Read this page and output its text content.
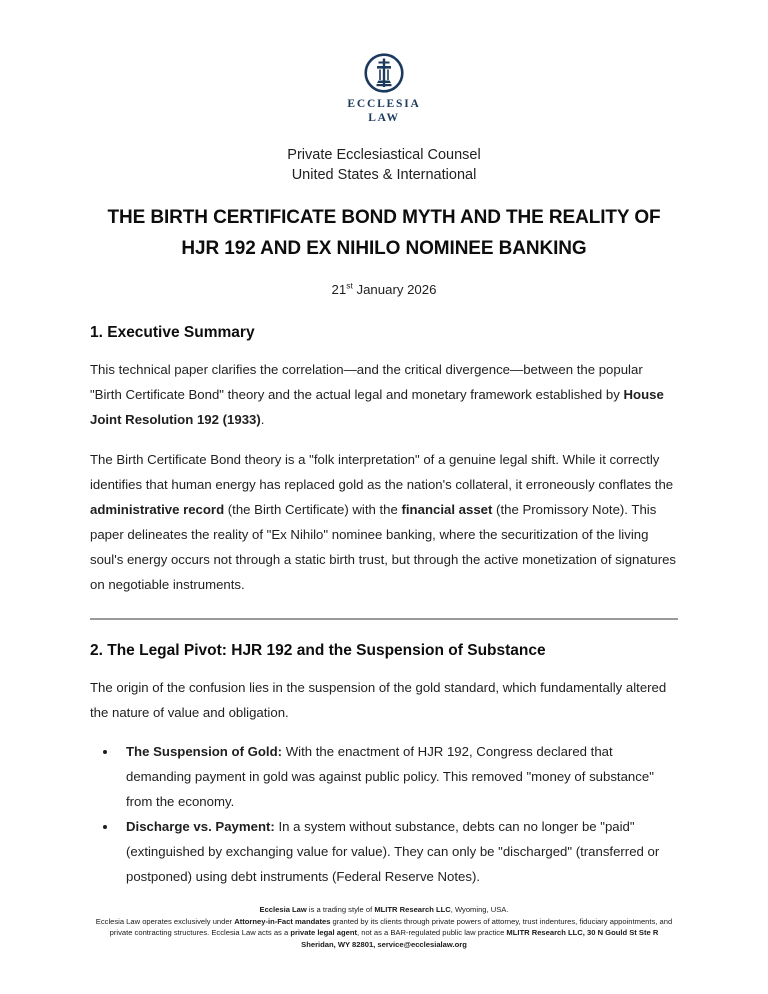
ECCLESIA
LAW
Private Ecclesiastical Counsel
United States & International
THE BIRTH CERTIFICATE BOND MYTH AND THE REALITY OF
HJR 192 AND EX NIHILO NOMINEE BANKING
21st January 2026
1. Executive Summary

This technical paper clarifies the correlation—and the critical divergence—between the popular "Birth Certificate Bond" theory and the actual legal and monetary framework established by House Joint Resolution 192 (1933).

The Birth Certificate Bond theory is a "folk interpretation" of a genuine legal shift. While it correctly identifies that human energy has replaced gold as the nation's collateral, it erroneously conflates the administrative record (the Birth Certificate) with the financial asset (the Promissory Note). This paper delineates the reality of "Ex Nihilo" nominee banking, where the securitization of the living soul's energy occurs not through a static birth trust, but through the active monetization of signatures on negotiable instruments.

2. The Legal Pivot: HJR 192 and the Suspension of Substance

The origin of the confusion lies in the suspension of the gold standard, which fundamentally altered the nature of value and obligation.

• The Suspension of Gold: With the enactment of HJR 192, Congress declared that demanding payment in gold was against public policy. This removed "money of substance" from the economy.
• Discharge vs. Payment: In a system without substance, debts can no longer be "paid" (extinguished by exchanging value for value). They can only be "discharged" (transferred or postponed) using debt instruments (Federal Reserve Notes).
Ecclesia Law is a trading style of MLITR Research LLC, Wyoming, USA.
Ecclesia Law operates exclusively under Attorney-in-Fact mandates granted by its clients through private powers of attorney, trust indentures, fiduciary appointments, and private contracting structures. Ecclesia Law acts as a private legal agent, not as a BAR-regulated public law practice MLITR Research LLC, 30 N Gould St Ste R Sheridan, WY 82801, service@ecclesialaw.org
